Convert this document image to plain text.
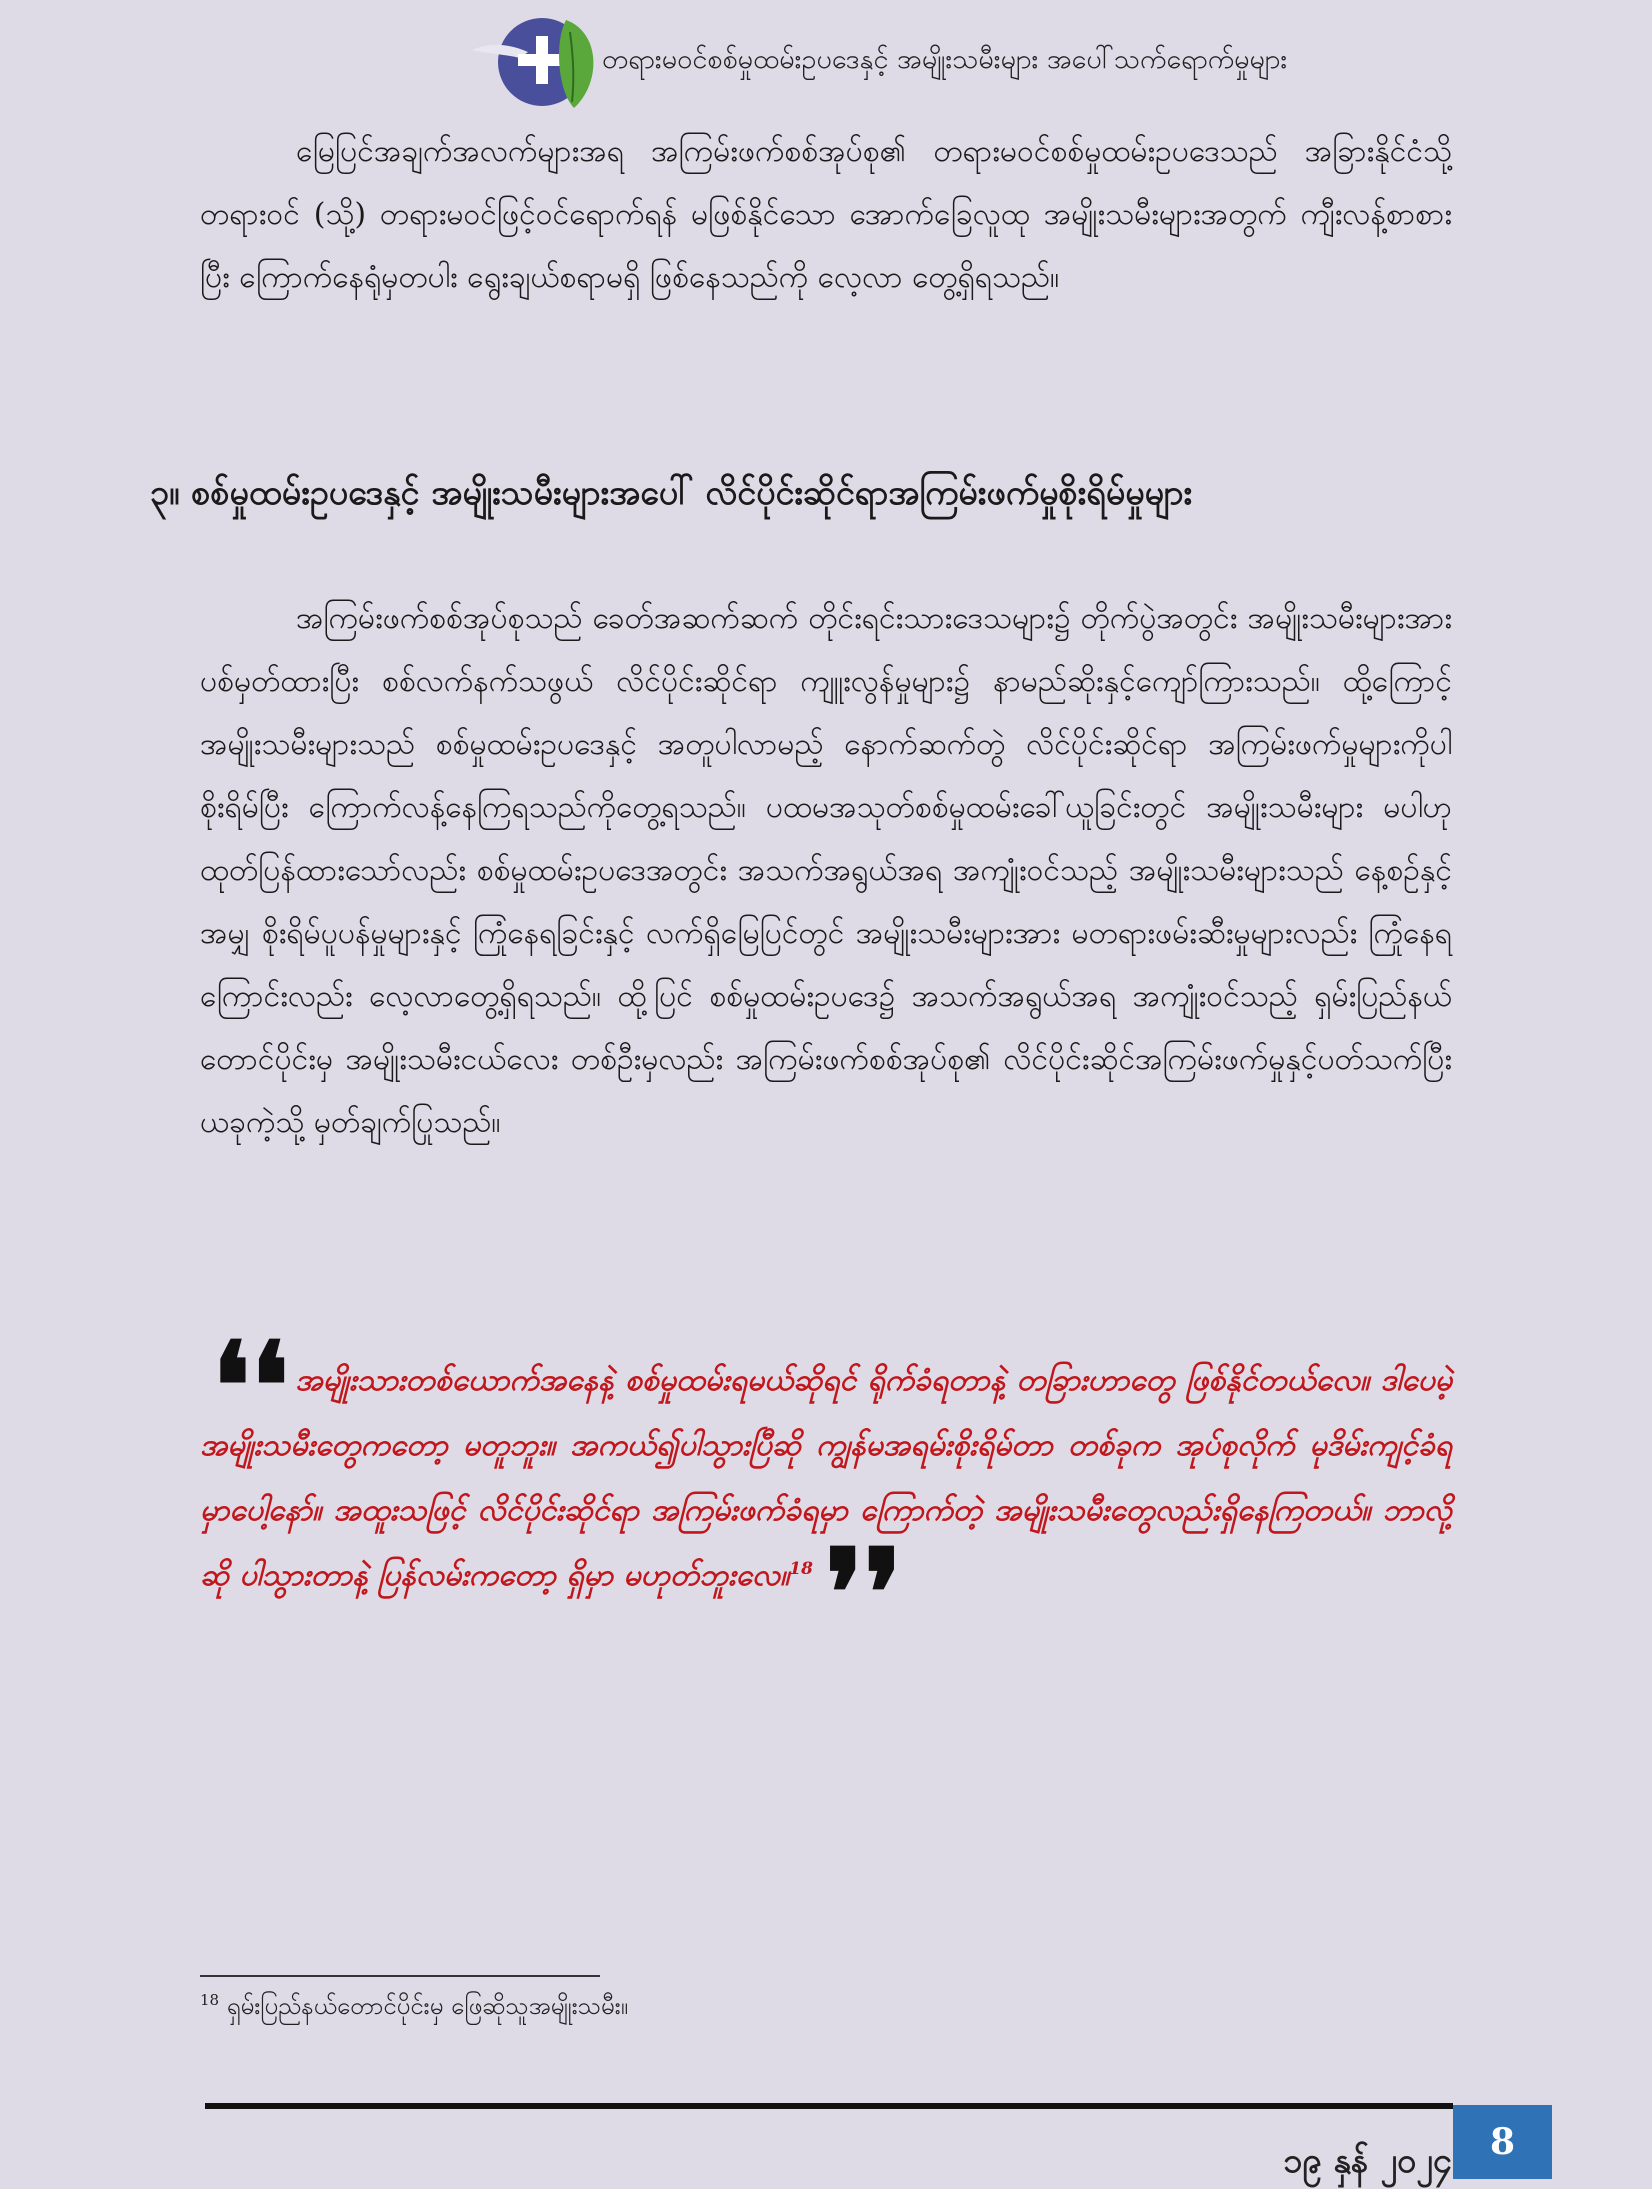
တရားမဝင်စစ်မှုထမ်းဥပဒေနှင့် အမျိုးသမီးများ အပေါ်သက်ရောက်မှုများ

မြေပြင်အချက်အလက်များအရ အကြမ်းဖက်စစ်အုပ်စု၏ တရားမဝင်စစ်မှုထမ်းဥပဒေသည် အခြားနိုင်ငံသို့ တရားဝင် (သို့) တရားမဝင်ဖြင့်ဝင်ရောက်ရန် မဖြစ်နိုင်သော အောက်ခြေလူထု အမျိုးသမီးများအတွက် ကျီးလန့်စာစားပြီး ကြောက်နေရုံမှတပါး ရွေးချယ်စရာမရှိ ဖြစ်နေသည်ကို လေ့လာ တွေ့ရှိရသည်။

၃။ စစ်မှုထမ်းဥပဒေနှင့် အမျိုးသမီးများအပေါ် လိင်ပိုင်းဆိုင်ရာအကြမ်းဖက်မှုစိုးရိမ်မှုများ

အကြမ်းဖက်စစ်အုပ်စုသည် ခေတ်အဆက်ဆက် တိုင်းရင်းသားဒေသများ၌ တိုက်ပွဲအတွင်း အမျိုးသမီးများအားပစ်မှတ်ထားပြီး စစ်လက်နက်သဖွယ် လိင်ပိုင်းဆိုင်ရာ ကျူးလွန်မှုများ၌ နာမည်ဆိုးနှင့်ကျော်ကြားသည်။ ထို့ကြောင့် အမျိုးသမီးများသည် စစ်မှုထမ်းဥပဒေနှင့် အတူပါလာမည့် နောက်ဆက်တွဲ လိင်ပိုင်းဆိုင်ရာ အကြမ်းဖက်မှုများကိုပါ စိုးရိမ်ပြီး ကြောက်လန့်နေကြရသည်ကိုတွေ့ရသည်။ ပထမအသုတ်စစ်မှုထမ်းခေါ်ယူခြင်းတွင် အမျိုးသမီးများ မပါဟုထုတ်ပြန်ထားသော်လည်း စစ်မှုထမ်းဥပဒေအတွင်း အသက်အရွယ်အရ အကျုံးဝင်သည့် အမျိုးသမီးများသည် နေ့စဉ်နှင့်အမျှ စိုးရိမ်ပူပန်မှုများနှင့် ကြုံနေရခြင်းနှင့် လက်ရှိမြေပြင်တွင် အမျိုးသမီးများအား မတရားဖမ်းဆီးမှုများလည်း ကြုံနေရကြောင်းလည်း လေ့လာတွေ့ရှိရသည်။ ထို့ပြင် စစ်မှုထမ်းဥပဒေ၌ အသက်အရွယ်အရ အကျုံးဝင်သည့် ရှမ်းပြည်နယ်တောင်ပိုင်းမှ အမျိုးသမီးငယ်လေး တစ်ဦးမှလည်း အကြမ်းဖက်စစ်အုပ်စု၏ လိင်ပိုင်းဆိုင်အကြမ်းဖက်မှုနှင့်ပတ်သက်ပြီး ယခုကဲ့သို့ မှတ်ချက်ပြုသည်။

❛❛ အမျိုးသားတစ်ယောက်အနေနဲ့ စစ်မှုထမ်းရမယ်ဆိုရင် ရိုက်ခံရတာနဲ့ တခြားဟာတွေ ဖြစ်နိုင်တယ်လေ။ ဒါပေမဲ့ အမျိုးသမီးတွေကတော့ မတူဘူး။ အကယ်၍ပါသွားပြီဆို ကျွန်မအရမ်းစိုးရိမ်တာ တစ်ခုက အုပ်စုလိုက် မုဒိမ်းကျင့်ခံရမှာပေါ့နော်။ အထူးသဖြင့် လိင်ပိုင်းဆိုင်ရာ အကြမ်းဖက်ခံရမှာ ကြောက်တဲ့ အမျိုးသမီးတွေလည်းရှိနေကြတယ်။ ဘာလို့ဆို ပါသွားတာနဲ့ ပြန်လမ်းကတော့ ရှိမှာ မဟုတ်ဘူးလေ။$^{18}$ ❜❜
$^{18}$ ရှမ်းပြည်နယ်တောင်ပိုင်းမှ ဖြေဆိုသူအမျိုးသမီး။
၁၉ နှန် ၂၀၂၄ 8
